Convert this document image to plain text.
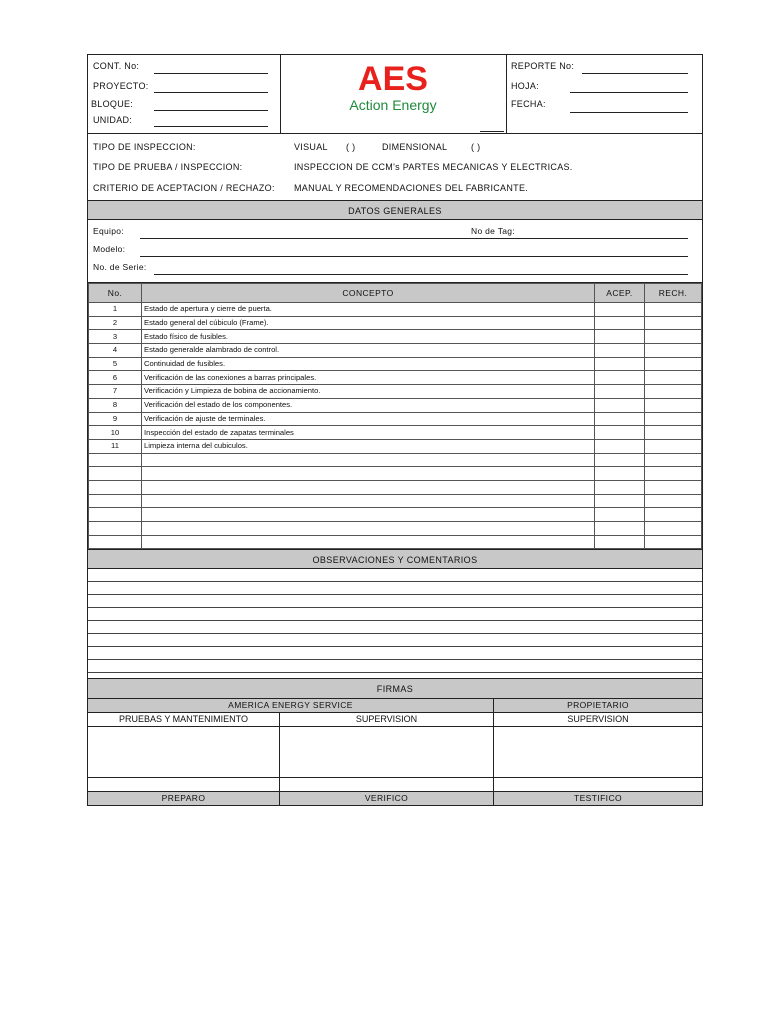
CONT. No:
PROYECTO:
BLOQUE:
UNIDAD:
AES
Action Energy
REPORTE No:
HOJA:
FECHA:
TIPO DE INSPECCION:	VISUAL ( )	DIMENSIONAL	( )
TIPO DE PRUEBA / INSPECCION:	INSPECCION DE CCM's PARTES MECANICAS Y ELECTRICAS.
CRITERIO DE ACEPTACION / RECHAZO: MANUAL Y RECOMENDACIONES DEL FABRICANTE.
DATOS GENERALES
Equipo:	No de Tag:
Modelo:
No. de Serie:
No.	CONCEPTO	ACEP.	RECH.
1	Estado de apertura y cierre de puerta.		
2	Estado general del cúbiculo (Frame).		
3	Estado físico de fusibles.		
4	Estado generalde alambrado de control.		
5	Continuidad de fusibles.		
6	Verificación de las conexiones a barras principales.		
7	Verificación y Limpieza de bobina de accionamiento.		
8	Verificación del estado de los componentes.		
9	Verificación de ajuste de terminales.		
10	Inspección del estado de zapatas terminales		
11	Limpieza interna del cubiculos.		

OBSERVACIONES Y COMENTARIOS
FIRMAS
AMERICA ENERGY SERVICE	PROPIETARIO
PRUEBAS Y MANTENIMIENTO	SUPERVISION	SUPERVISION
PREPARO	VERIFICO	TESTIFICO
